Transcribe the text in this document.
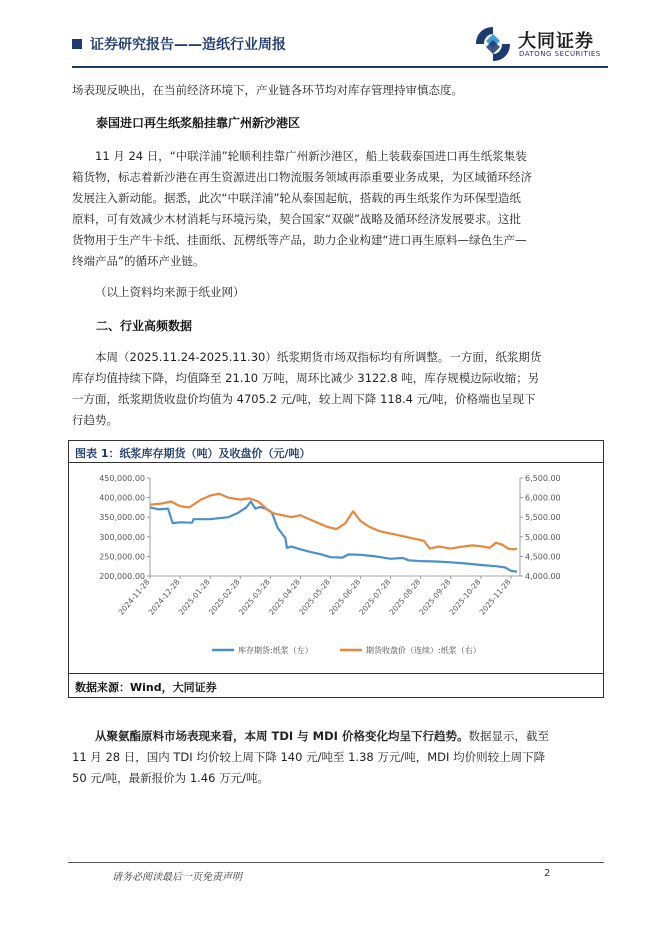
证券研究报告——造纸行业周报	大同证券
DATONG SECURITIES
场表现反映出，在当前经济环境下，产业链各环节均对库存管理持审慎态度。
泰国进口再生纸浆船挂靠广州新沙港区
11 月 24 日，“中联洋浦”轮顺利挂靠广州新沙港区，船上装载泰国进口再生纸浆集装
箱货物，标志着新沙港在再生资源进出口物流服务领域再添重要业务成果，为区域循环经济
发展注入新动能。据悉，此次“中联洋浦”轮从泰国起航，搭载的再生纸浆作为环保型造纸
原料，可有效减少木材消耗与环境污染，契合国家“双碳”战略及循环经济发展要求。这批
货物用于生产牛卡纸、挂面纸、瓦楞纸等产品，助力企业构建“进口再生原料—绿色生产—
终端产品”的循环产业链。
（以上资料均来源于纸业网）
二、行业高频数据
本周（2025.11.24-2025.11.30）纸浆期货市场双指标均有所调整。一方面，纸浆期货
库存均值持续下降，均值降至 21.10 万吨，周环比减少 3122.8 吨，库存规模边际收缩；另
一方面，纸浆期货收盘价均值为 4705.2 元/吨，较上周下降 118.4 元/吨，价格端也呈现下
行趋势。
图表 1：纸浆库存期货（吨）及收盘价（元/吨）
数据来源：Wind，大同证券
450,000.00
400,000.00
350,000.00
300,000.00
250,000.00
200,000.00
6,500.00
6,000.00
5,500.00
5,000.00
4,500.00
4,000.00
2024-11-28
2024-12-28
2025-01-28
2025-02-28
2025-03-28
2025-04-28
2025-05-28
2025-06-28
2025-07-28
2025-08-28
2025-09-28
2025-10-28
2025-11-28
库存期货:纸浆（左）	期货收盘价（连续）:纸浆（右）
从聚氨酯原料市场表现来看，本周 TDI 与 MDI 价格变化均呈下行趋势。数据显示，截至
11 月 28 日，国内 TDI 均价较上周下降 140 元/吨至 1.38 万元/吨，MDI 均价则较上周下降
50 元/吨，最新报价为 1.46 万元/吨。
请务必阅读最后一页免责声明	2
